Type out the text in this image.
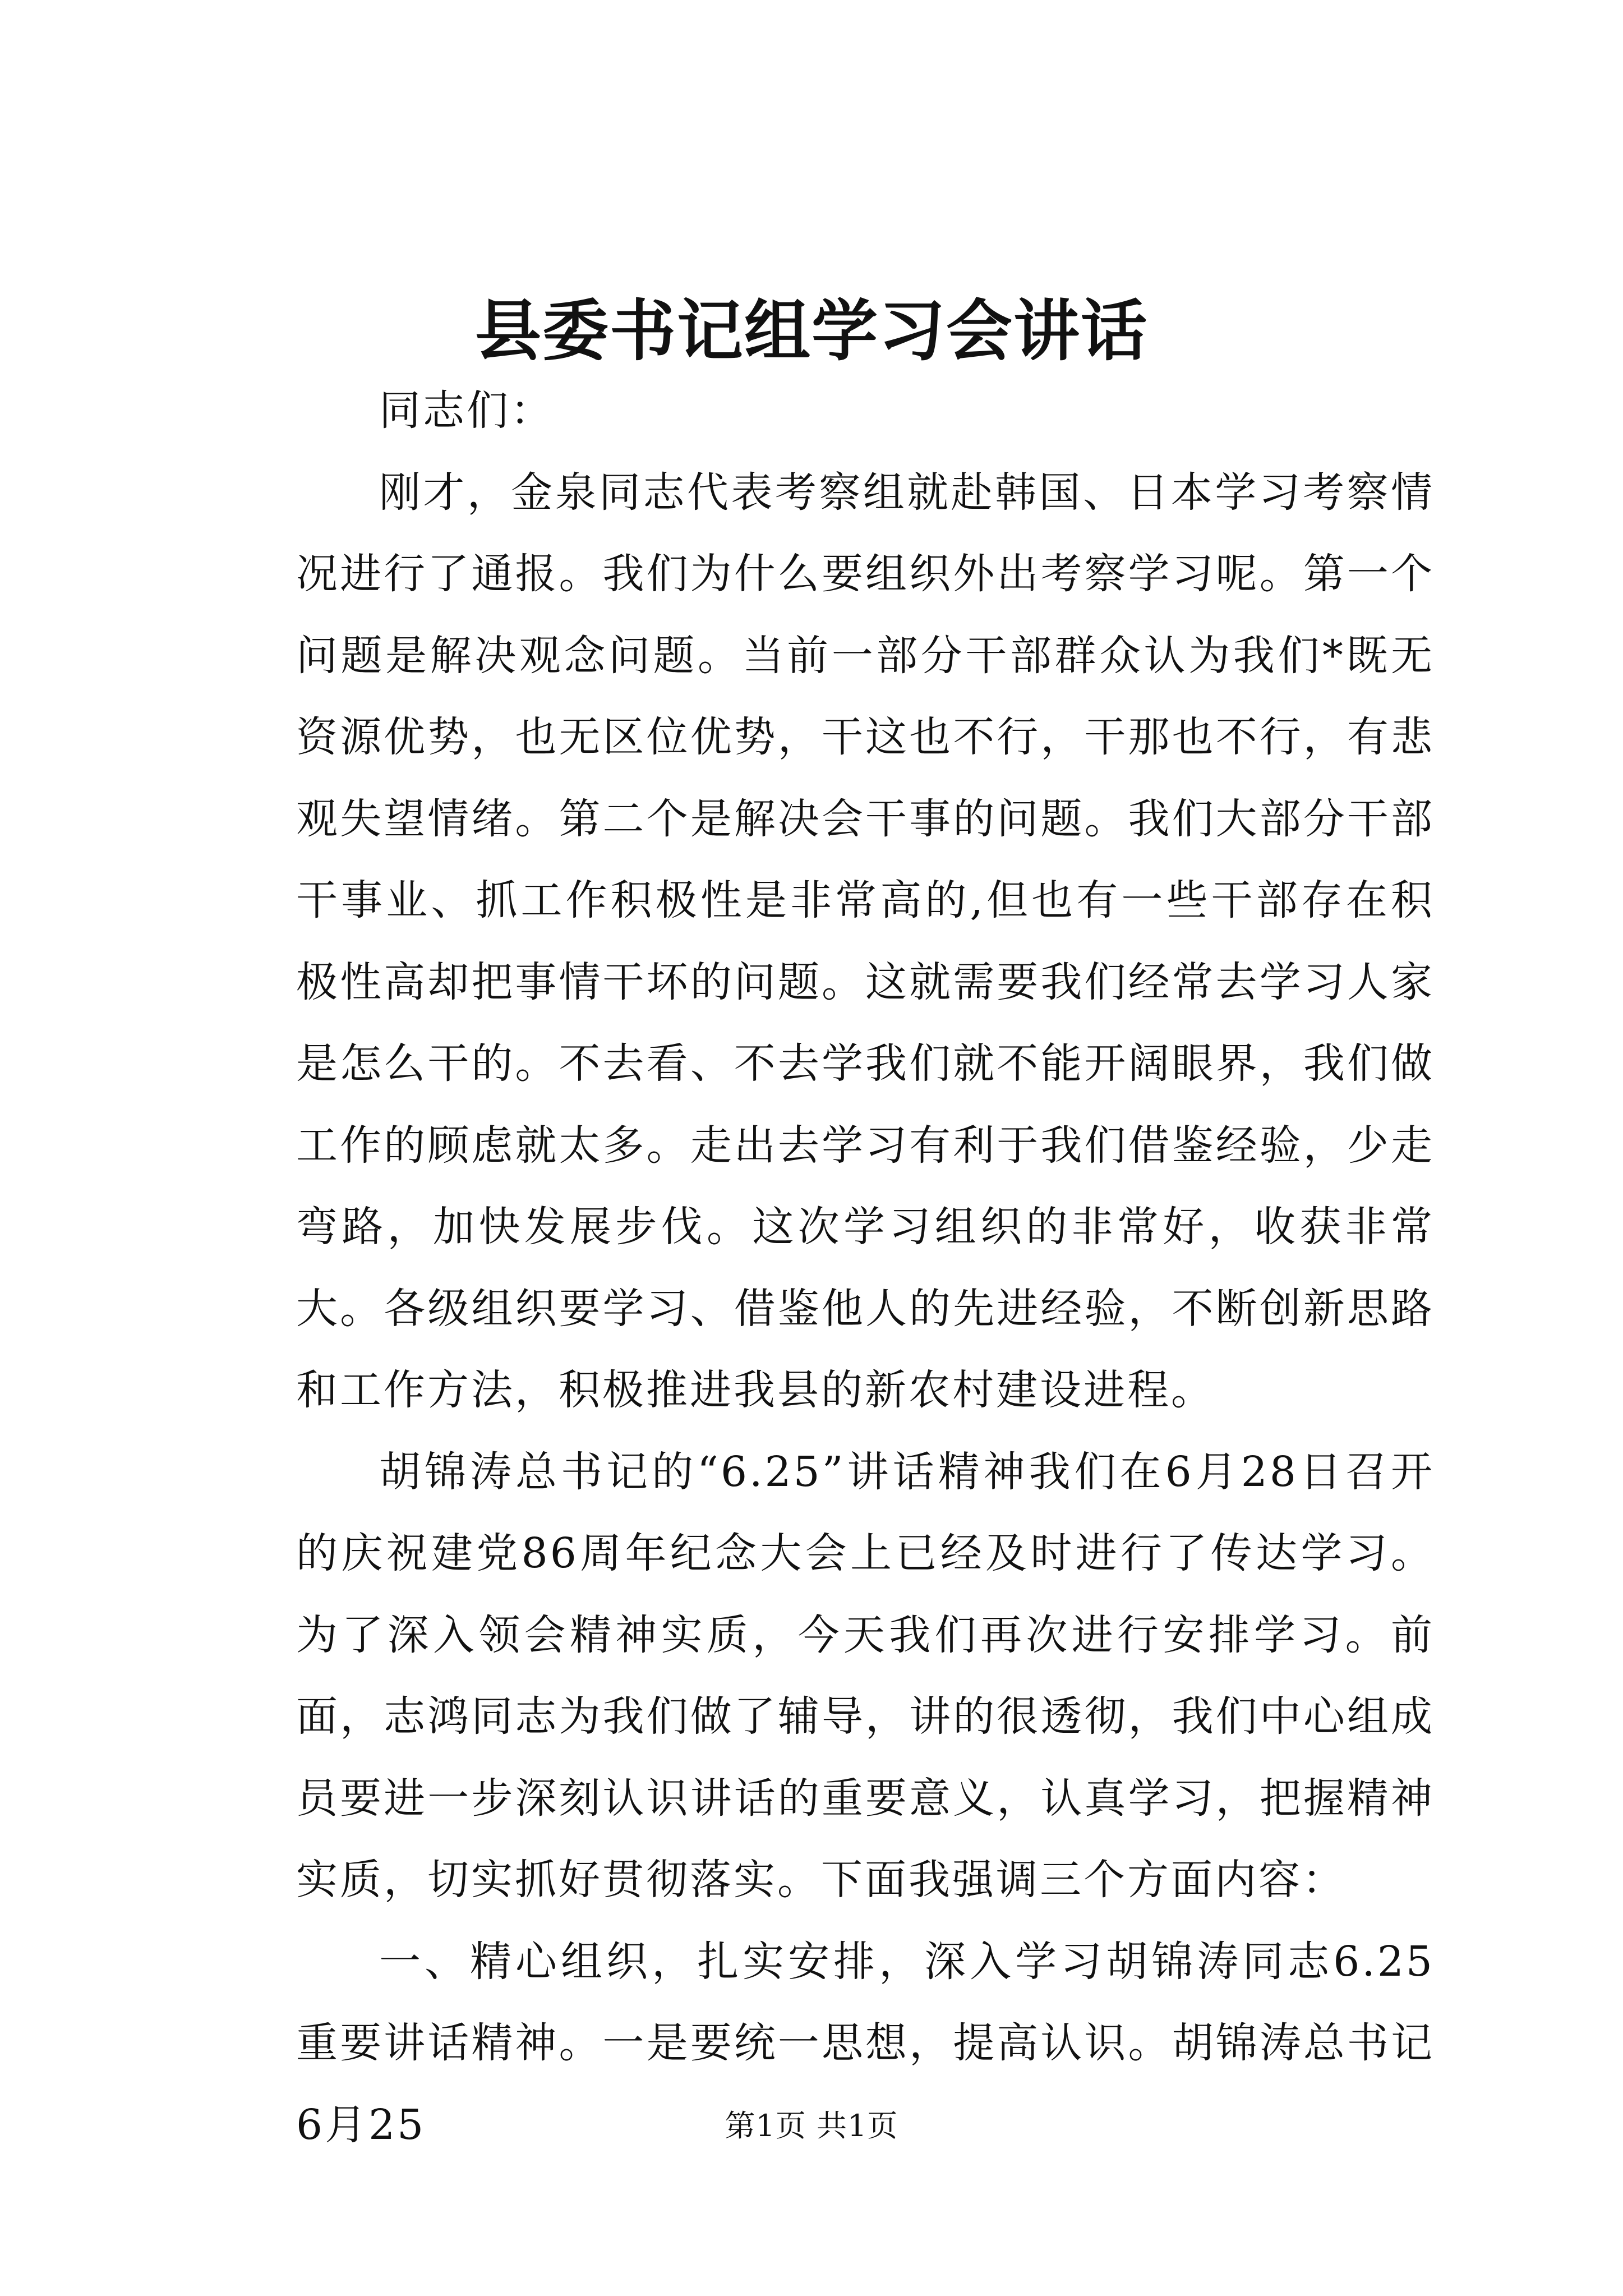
县委书记组学习会讲话

同志们：

刚才，金泉同志代表考察组就赴韩国、日本学习考察情况进行了通报。我们为什么要组织外出考察学习呢。第一个问题是解决观念问题。当前一部分干部群众认为我们*既无资源优势，也无区位优势，干这也不行，干那也不行，有悲观失望情绪。第二个是解决会干事的问题。我们大部分干部干事业、抓工作积极性是非常高的,但也有一些干部存在积极性高却把事情干坏的问题。这就需要我们经常去学习人家是怎么干的。不去看、不去学我们就不能开阔眼界，我们做工作的顾虑就太多。走出去学习有利于我们借鉴经验，少走弯路，加快发展步伐。这次学习组织的非常好，收获非常大。各级组织要学习、借鉴他人的先进经验，不断创新思路和工作方法，积极推进我县的新农村建设进程。

胡锦涛总书记的“6.25”讲话精神我们在6月28日召开的庆祝建党86周年纪念大会上已经及时进行了传达学习。为了深入领会精神实质，今天我们再次进行安排学习。前面，志鸿同志为我们做了辅导，讲的很透彻，我们中心组成员要进一步深刻认识讲话的重要意义，认真学习，把握精神实质，切实抓好贯彻落实。下面我强调三个方面内容：

一、精心组织，扎实安排，深入学习胡锦涛同志6.25重要讲话精神。一是要统一思想，提高认识。胡锦涛总书记6月25	第1页 共1页
